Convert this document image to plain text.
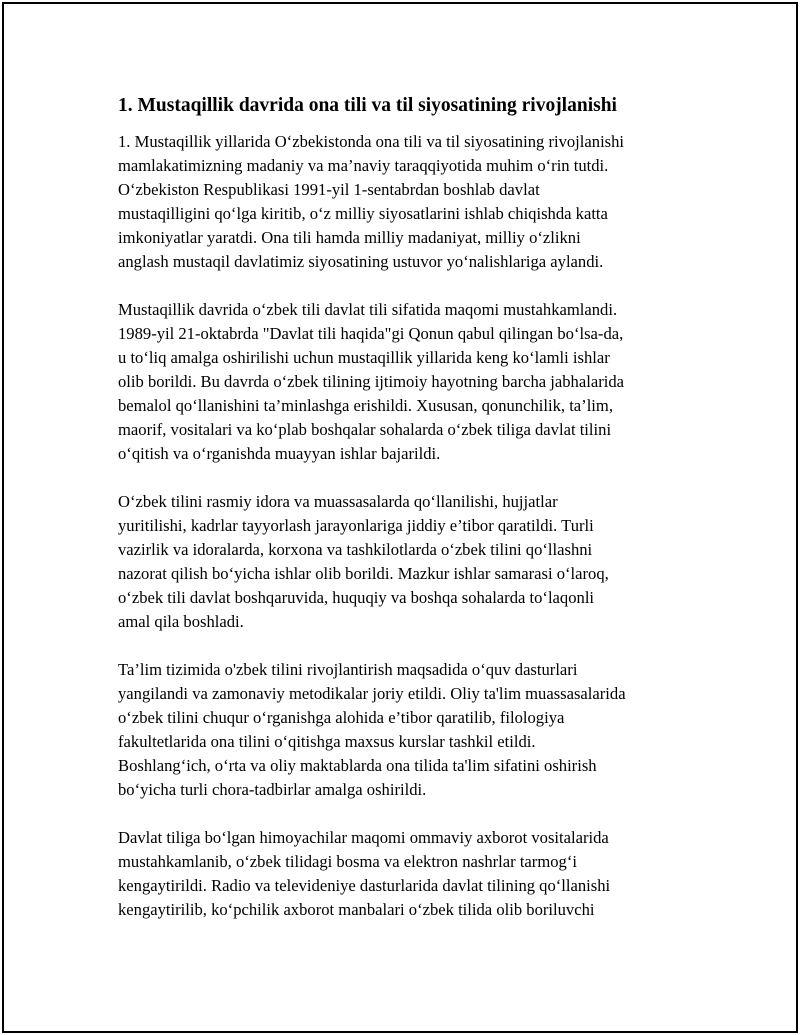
1. Mustaqillik davrida ona tili va til siyosatining rivojlanishi
1. Mustaqillik yillarida O‘zbekistonda ona tili va til siyosatining rivojlanishi
mamlakatimizning madaniy va ma’naviy taraqqiyotida muhim o‘rin tutdi.
O‘zbekiston Respublikasi 1991-yil 1-sentabrdan boshlab davlat
mustaqilligini qo‘lga kiritib, o‘z milliy siyosatlarini ishlab chiqishda katta
imkoniyatlar yaratdi. Ona tili hamda milliy madaniyat, milliy o‘zlikni
anglash mustaqil davlatimiz siyosatining ustuvor yo‘nalishlariga aylandi.
Mustaqillik davrida o‘zbek tili davlat tili sifatida maqomi mustahkamlandi.
1989-yil 21-oktabrda "Davlat tili haqida"gi Qonun qabul qilingan bo‘lsa-da,
u to‘liq amalga oshirilishi uchun mustaqillik yillarida keng ko‘lamli ishlar
olib borildi. Bu davrda o‘zbek tilining ijtimoiy hayotning barcha jabhalarida
bemalol qo‘llanishini ta’minlashga erishildi. Xususan, qonunchilik, ta’lim,
maorif, vositalari va ko‘plab boshqalar sohalarda o‘zbek tiliga davlat tilini
o‘qitish va o‘rganishda muayyan ishlar bajarildi.
O‘zbek tilini rasmiy idora va muassasalarda qo‘llanilishi, hujjatlar
yuritilishi, kadrlar tayyorlash jarayonlariga jiddiy e’tibor qaratildi. Turli
vazirlik va idoralarda, korxona va tashkilotlarda o‘zbek tilini qo‘llashni
nazorat qilish bo‘yicha ishlar olib borildi. Mazkur ishlar samarasi o‘laroq,
o‘zbek tili davlat boshqaruvida, huquqiy va boshqa sohalarda to‘laqonli
amal qila boshladi.
Ta’lim tizimida o'zbek tilini rivojlantirish maqsadida o‘quv dasturlari
yangilandi va zamonaviy metodikalar joriy etildi. Oliy ta'lim muassasalarida
o‘zbek tilini chuqur o‘rganishga alohida e’tibor qaratilib, filologiya
fakultetlarida ona tilini o‘qitishga maxsus kurslar tashkil etildi.
Boshlang‘ich, o‘rta va oliy maktablarda ona tilida ta'lim sifatini oshirish
bo‘yicha turli chora-tadbirlar amalga oshirildi.
Davlat tiliga bo‘lgan himoyachilar maqomi ommaviy axborot vositalarida
mustahkamlanib, o‘zbek tilidagi bosma va elektron nashrlar tarmog‘i
kengaytirildi. Radio va televideniye dasturlarida davlat tilining qo‘llanishi
kengaytirilib, ko‘pchilik axborot manbalari o‘zbek tilida olib boriluvchi
